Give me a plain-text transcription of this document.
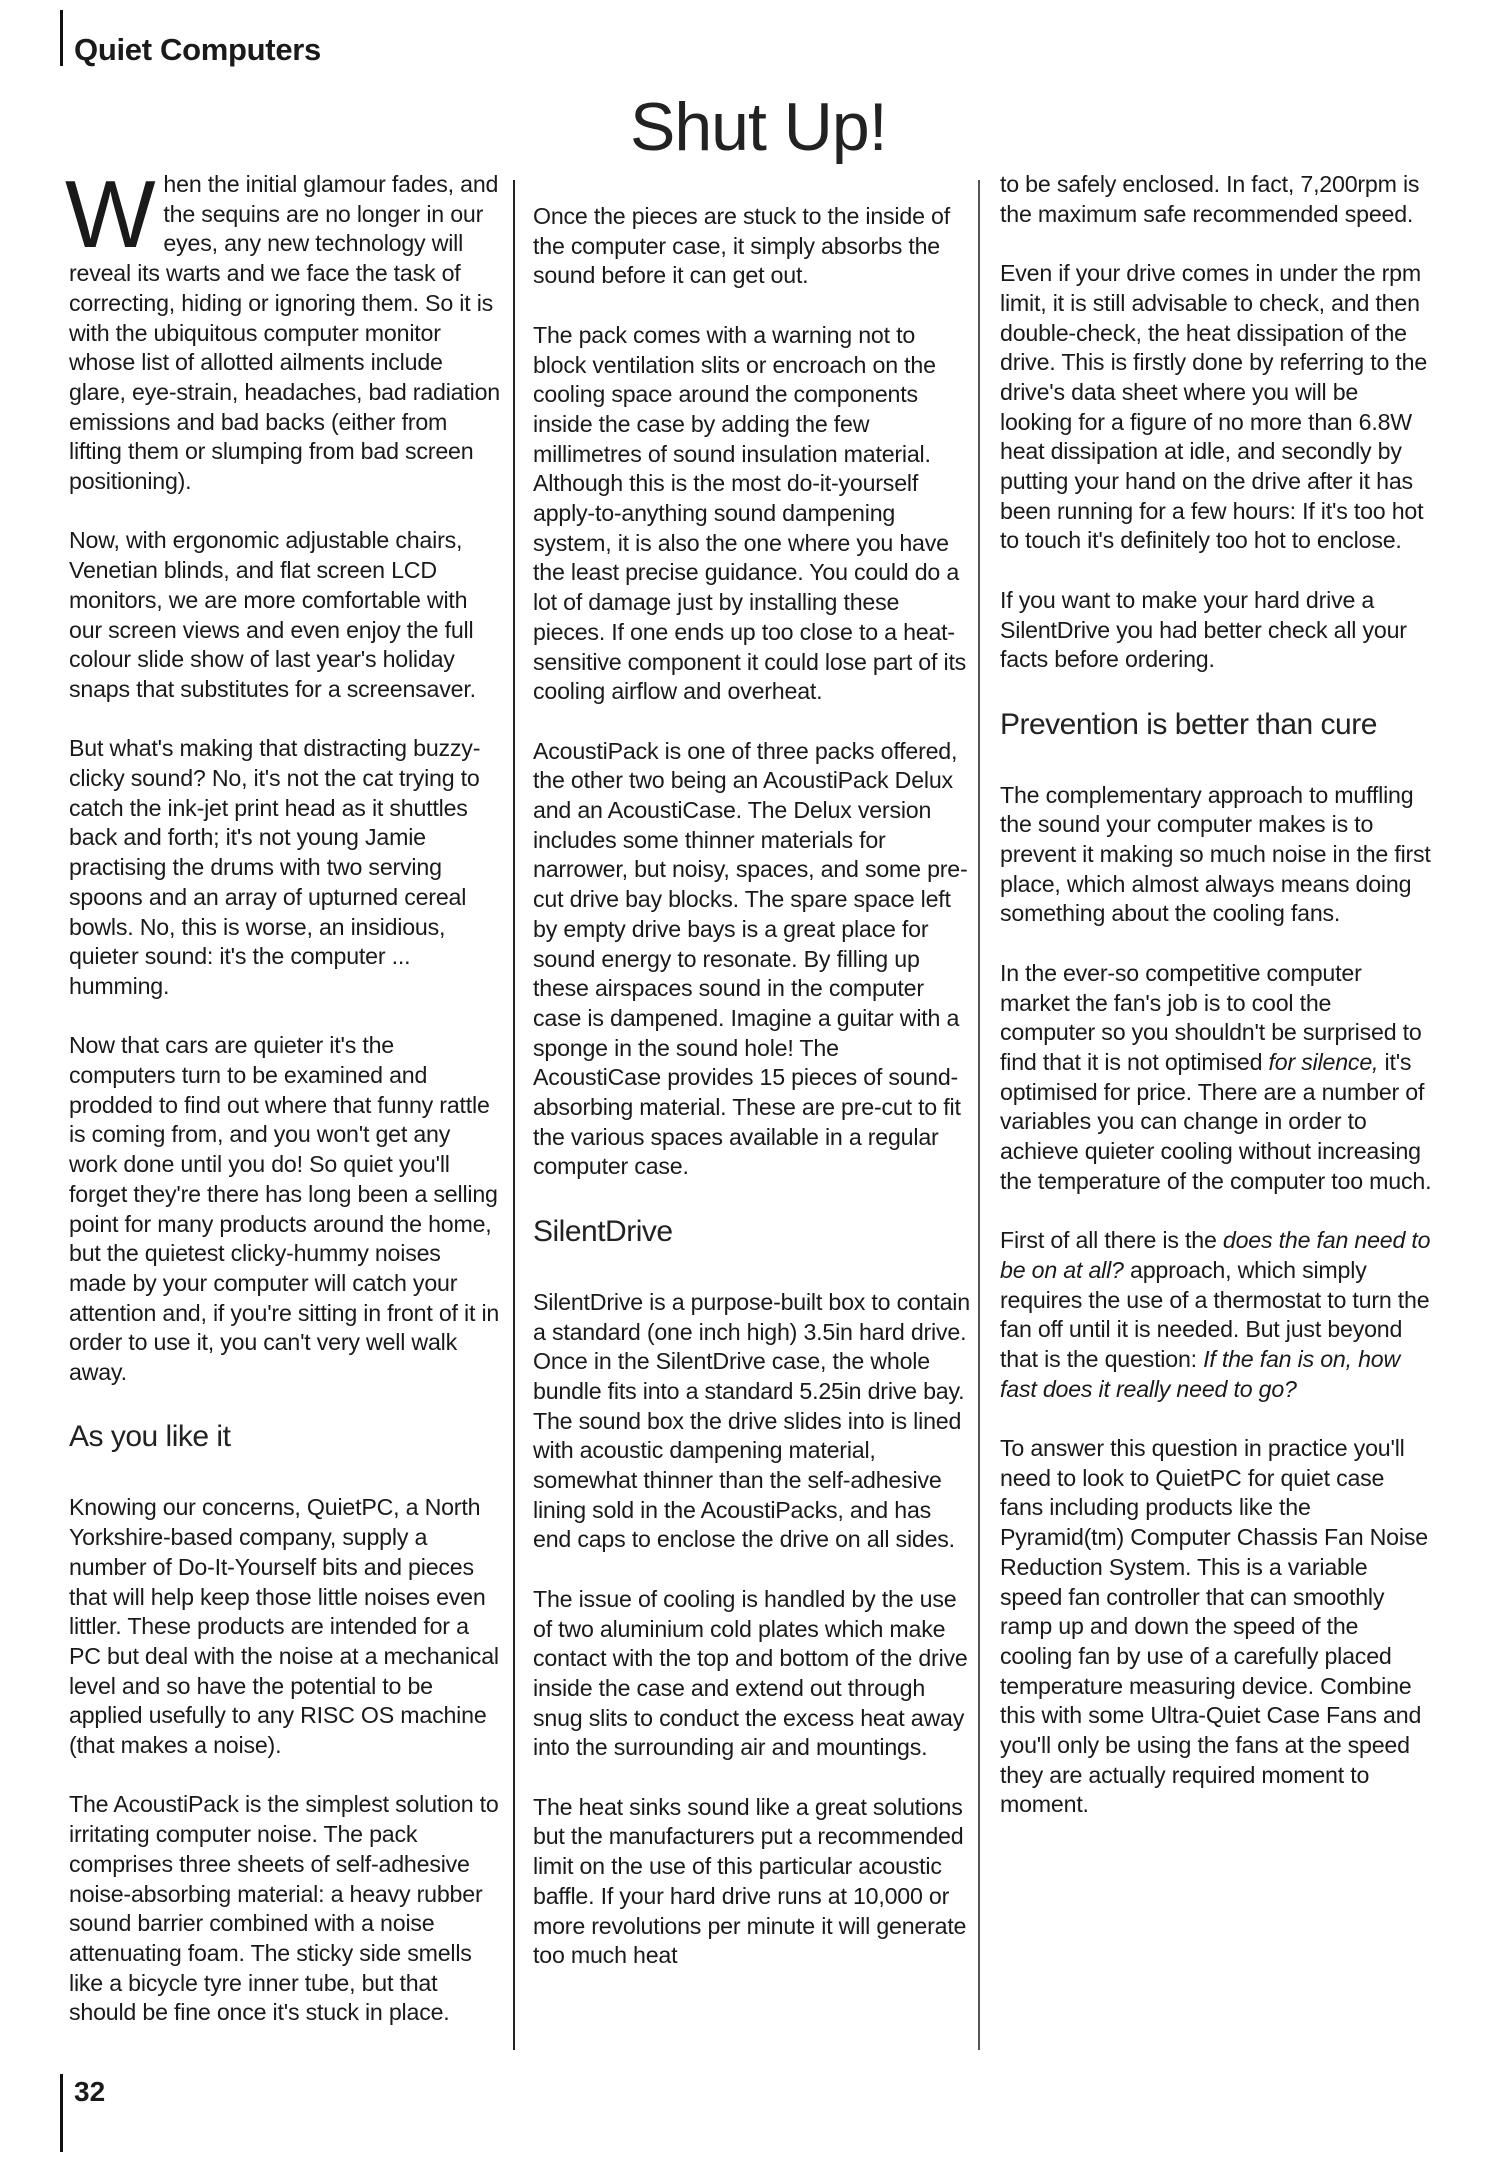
Quiet Computers
Shut Up!

When the initial glamour fades, and the sequins are no longer in our eyes, any new technology will reveal its warts and we face the task of correcting, hiding or ignoring them. So it is with the ubiquitous computer monitor whose list of allotted ailments include glare, eye-strain, headaches, bad radiation emissions and bad backs (either from lifting them or slumping from bad screen positioning).

Now, with ergonomic adjustable chairs, Venetian blinds, and flat screen LCD monitors, we are more comfortable with our screen views and even enjoy the full colour slide show of last year's holiday snaps that substitutes for a screensaver.

But what's making that distracting buzzy-clicky sound? No, it's not the cat trying to catch the ink-jet print head as it shuttles back and forth; it's not young Jamie practising the drums with two serving spoons and an array of upturned cereal bowls. No, this is worse, an insidious, quieter sound: it's the computer ... humming.

Now that cars are quieter it's the computers turn to be examined and prodded to find out where that funny rattle is coming from, and you won't get any work done until you do! So quiet you'll forget they're there has long been a selling point for many products around the home, but the quietest clicky-hummy noises made by your computer will catch your attention and, if you're sitting in front of it in order to use it, you can't very well walk away.

As you like it

Knowing our concerns, QuietPC, a North Yorkshire-based company, supply a number of Do-It-Yourself bits and pieces that will help keep those little noises even littler. These products are intended for a PC but deal with the noise at a mechanical level and so have the potential to be applied usefully to any RISC OS machine (that makes a noise).

The AcoustiPack is the simplest solution to irritating computer noise. The pack comprises three sheets of self-adhesive noise-absorbing material: a heavy rubber sound barrier combined with a noise attenuating foam. The sticky side smells like a bicycle tyre inner tube, but that should be fine once it's stuck in place.

Once the pieces are stuck to the inside of the computer case, it simply absorbs the sound before it can get out.

The pack comes with a warning not to block ventilation slits or encroach on the cooling space around the components inside the case by adding the few millimetres of sound insulation material. Although this is the most do-it-yourself apply-to-anything sound dampening system, it is also the one where you have the least precise guidance. You could do a lot of damage just by installing these pieces. If one ends up too close to a heat-sensitive component it could lose part of its cooling airflow and overheat.

AcoustiPack is one of three packs offered, the other two being an AcoustiPack Delux and an AcoustiCase. The Delux version includes some thinner materials for narrower, but noisy, spaces, and some pre-cut drive bay blocks. The spare space left by empty drive bays is a great place for sound energy to resonate. By filling up these airspaces sound in the computer case is dampened. Imagine a guitar with a sponge in the sound hole! The AcoustiCase provides 15 pieces of sound-absorbing material. These are pre-cut to fit the various spaces available in a regular computer case.

SilentDrive

SilentDrive is a purpose-built box to contain a standard (one inch high) 3.5in hard drive. Once in the SilentDrive case, the whole bundle fits into a standard 5.25in drive bay. The sound box the drive slides into is lined with acoustic dampening material, somewhat thinner than the self-adhesive lining sold in the AcoustiPacks, and has end caps to enclose the drive on all sides.

The issue of cooling is handled by the use of two aluminium cold plates which make contact with the top and bottom of the drive inside the case and extend out through snug slits to conduct the excess heat away into the surrounding air and mountings.

The heat sinks sound like a great solutions but the manufacturers put a recommended limit on the use of this particular acoustic baffle. If your hard drive runs at 10,000 or more revolutions per minute it will generate too much heat

to be safely enclosed. In fact, 7,200rpm is the maximum safe recommended speed.

Even if your drive comes in under the rpm limit, it is still advisable to check, and then double-check, the heat dissipation of the drive. This is firstly done by referring to the drive's data sheet where you will be looking for a figure of no more than 6.8W heat dissipation at idle, and secondly by putting your hand on the drive after it has been running for a few hours: If it's too hot to touch it's definitely too hot to enclose.

If you want to make your hard drive a SilentDrive you had better check all your facts before ordering.

Prevention is better than cure

The complementary approach to muffling the sound your computer makes is to prevent it making so much noise in the first place, which almost always means doing something about the cooling fans.

In the ever-so competitive computer market the fan's job is to cool the computer so you shouldn't be surprised to find that it is not optimised for silence, it's optimised for price. There are a number of variables you can change in order to achieve quieter cooling without increasing the temperature of the computer too much.

First of all there is the does the fan need to be on at all? approach, which simply requires the use of a thermostat to turn the fan off until it is needed. But just beyond that is the question: If the fan is on, how fast does it really need to go?

To answer this question in practice you'll need to look to QuietPC for quiet case fans including products like the Pyramid(tm) Computer Chassis Fan Noise Reduction System. This is a variable speed fan controller that can smoothly ramp up and down the speed of the cooling fan by use of a carefully placed temperature measuring device. Combine this with some Ultra-Quiet Case Fans and you'll only be using the fans at the speed they are actually required moment to moment.

32
